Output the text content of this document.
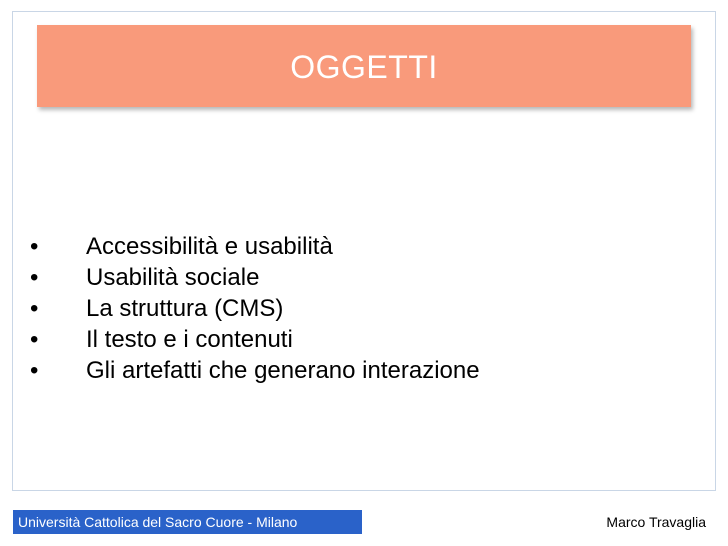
OGGETTI
•	Accessibilità e usabilità
•	Usabilità sociale
•	La struttura (CMS)
•	Il testo e i contenuti
•	Gli artefatti che generano interazione
Università Cattolica del Sacro Cuore - Milano	Marco Travaglia
